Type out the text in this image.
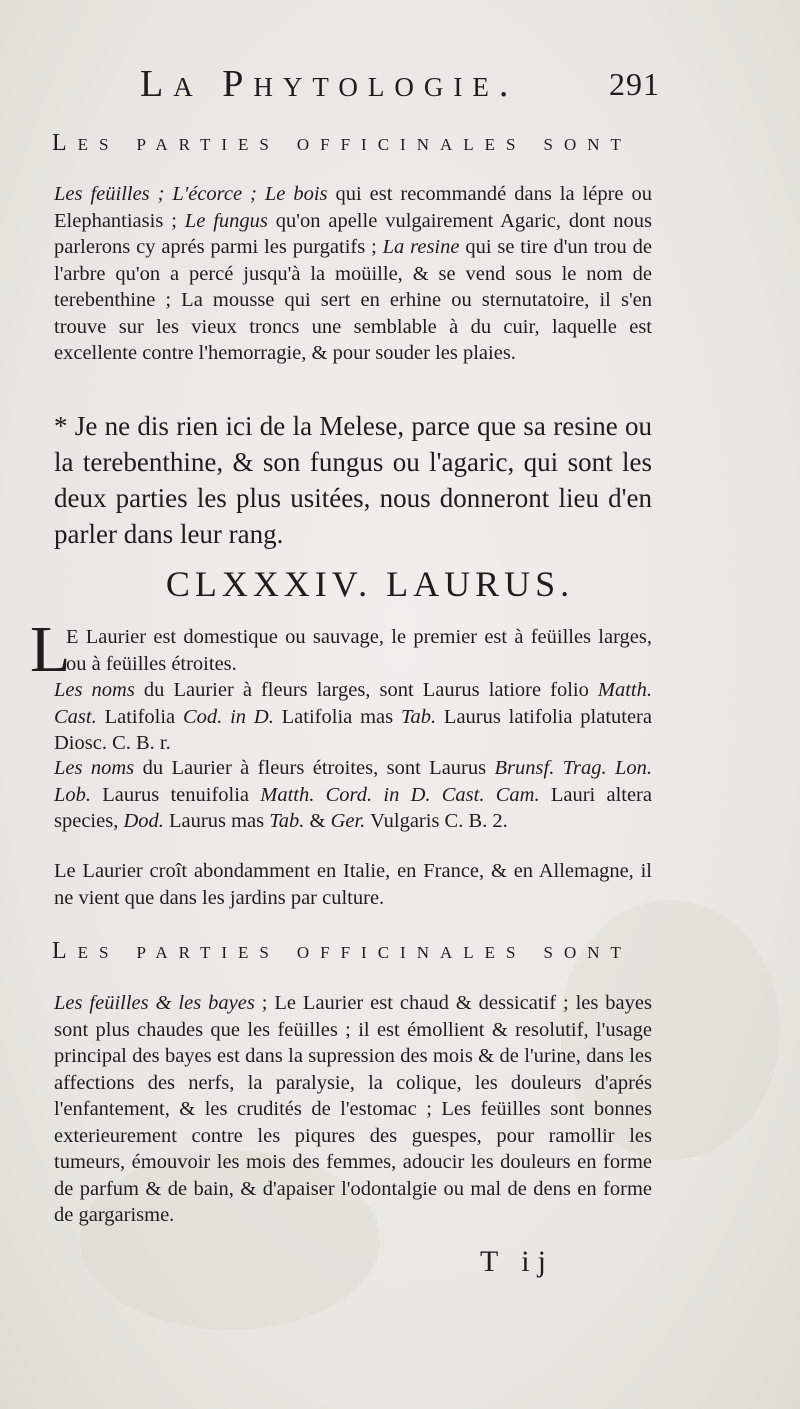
La Phytologie.	291
Les parties officinales sont

Les feüilles ; L'écorce ; Le bois qui est recommandé dans la lépre ou Elephantiasis ; Le fungus qu'on apelle vulgairement Agaric, dont nous parlerons cy aprés parmi les purgatifs ; La resine qui se tire d'un trou de l'arbre qu'on a percé jusqu'à la moüille, & se vend sous le nom de terebenthine ; La mousse qui sert en erhine ou sternutatoire, il s'en trouve sur les vieux troncs une semblable à du cuir, laquelle est excellente contre l'hemorragie, & pour souder les plaies.

* Je ne dis rien ici de la Melese, parce que sa resine ou la terebenthine, & son fungus ou l'agaric, qui sont les deux parties les plus usitées, nous donneront lieu d'en parler dans leur rang.

CLXXXIV. LAURUS.
L

E Laurier est domestique ou sauvage, le premier est à feüilles larges, ou à feüilles étroites.

Les noms du Laurier à fleurs larges, sont Laurus latiore folio Matth. Cast. Latifolia Cod. in D. Latifolia mas Tab. Laurus latifolia platutera Diosc. C. B. r.

Les noms du Laurier à fleurs étroites, sont Laurus Brunsf. Trag. Lon. Lob. Laurus tenuifolia Matth. Cord. in D. Cast. Cam. Lauri altera species, Dod. Laurus mas Tab. & Ger. Vulgaris C. B. 2.

Le Laurier croît abondamment en Italie, en France, & en Allemagne, il ne vient que dans les jardins par culture.

Les parties officinales sont

Les feüilles & les bayes ; Le Laurier est chaud & dessicatif ; les bayes sont plus chaudes que les feüilles ; il est émollient & resolutif, l'usage principal des bayes est dans la supression des mois & de l'urine, dans les affections des nerfs, la paralysie, la colique, les douleurs d'aprés l'enfantement, & les crudités de l'estomac ; Les feüilles sont bonnes exterieurement contre les piqures des guespes, pour ramollir les tumeurs, émouvoir les mois des femmes, adoucir les douleurs en forme de parfum & de bain, & d'apaiser l'odontalgie ou mal de dens en forme de gargarisme.

T ij
